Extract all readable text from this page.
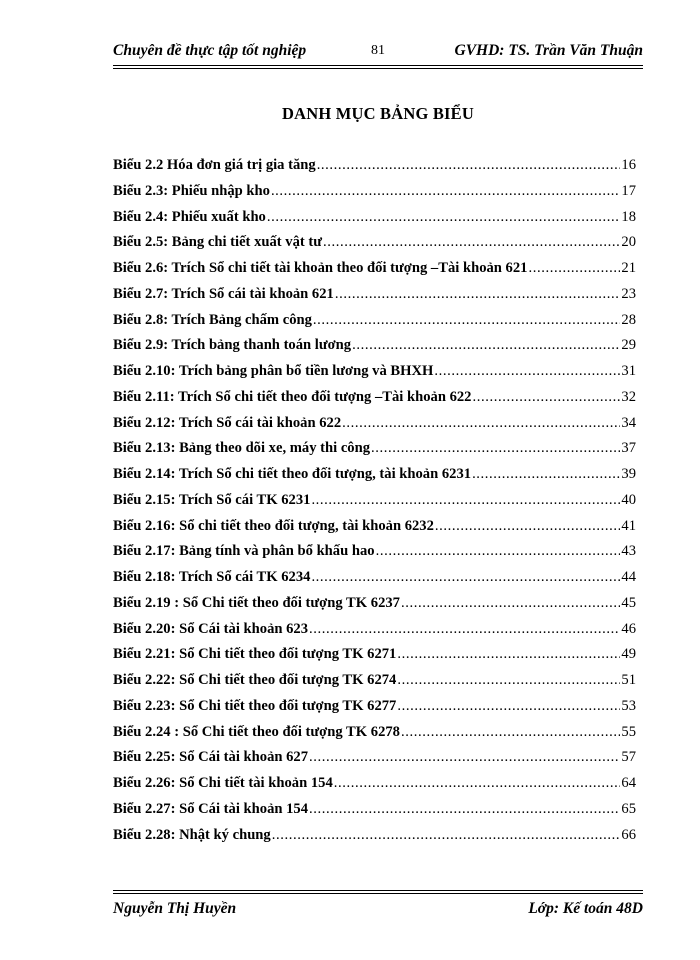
Chuyên đề thực tập tốt nghiệp	81	GVHD: TS. Trần Văn Thuận
DANH MỤC BẢNG BIỂU
Biểu 2.2 Hóa đơn giá trị gia tăng .....	16
Biểu 2.3: Phiếu nhập kho .....	17
Biểu 2.4: Phiếu xuất kho .....	18
Biểu 2.5: Bảng chi tiết xuất vật tư .....	20
Biểu 2.6: Trích Sổ chi tiết tài khoản theo đối tượng –Tài khoản 621 .....	21
Biểu 2.7: Trích Sổ cái tài khoản 621 .....	23
Biểu 2.8: Trích Bảng chấm công .....	28
Biểu 2.9: Trích bảng thanh toán lương .....	29
Biểu 2.10: Trích bảng phân bổ tiền lương và BHXH .....	31
Biểu 2.11: Trích Sổ chi tiết theo đối tượng –Tài khoản 622 .....	32
Biểu 2.12: Trích Sổ cái tài khoản 622 .....	34
Biểu 2.13: Bảng theo dõi xe, máy thi công .....	37
Biểu 2.14: Trích Sổ chi tiết theo đối tượng, tài khoản 6231 .....	39
Biểu 2.15: Trích Sổ cái TK 6231 .....	40
Biểu 2.16: Sổ chi tiết theo đối tượng, tài khoản 6232 .....	41
Biểu 2.17: Bảng tính và phân bổ khấu hao .....	43
Biểu 2.18: Trích Sổ cái TK 6234 .....	44
Biểu 2.19 : Sổ Chi tiết theo đối tượng TK 6237 .....	45
Biểu 2.20: Sổ Cái tài khoản 623 .....	46
Biểu 2.21: Sổ Chi tiết theo đối tượng TK 6271 .....	49
Biểu 2.22: Sổ Chi tiết theo đối tượng TK 6274 .....	51
Biểu 2.23: Sổ Chi tiết theo đối tượng TK 6277 .....	53
Biểu 2.24 : Sổ Chi tiết theo đối tượng TK 6278 .....	55
Biểu 2.25: Sổ Cái tài khoản 627 .....	57
Biểu 2.26: Sổ Chi tiết tài khoản 154 .....	64
Biểu 2.27: Sổ Cái tài khoản 154 .....	65
Biểu 2.28: Nhật ký chung .....	66
Nguyễn Thị Huyền	Lớp: Kế toán 48D
